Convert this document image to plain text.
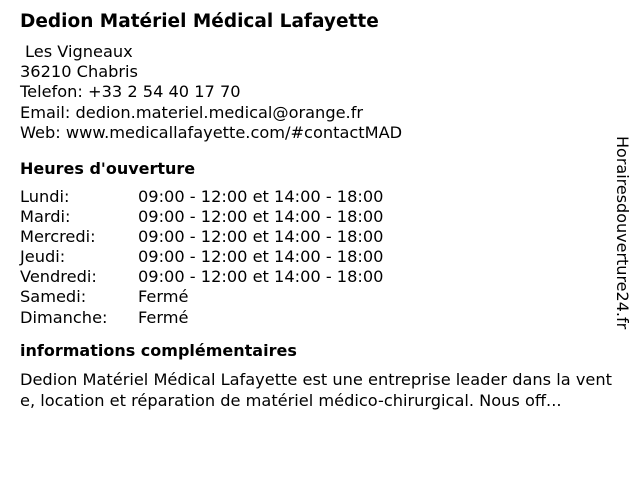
Dedion Matériel Médical Lafayette
Les Vigneaux
36210 Chabris
Telefon: +33 2 54 40 17 70
Email: dedion.materiel.medical@orange.fr
Web: www.medicallafayette.com/#contactMAD
Heures d'ouverture
Lundi:	09:00 - 12:00 et 14:00 - 18:00
Mardi:	09:00 - 12:00 et 14:00 - 18:00
Mercredi:	09:00 - 12:00 et 14:00 - 18:00
Jeudi:	09:00 - 12:00 et 14:00 - 18:00
Vendredi:	09:00 - 12:00 et 14:00 - 18:00
Samedi:	Fermé
Dimanche:	Fermé
informations complémentaires
Dedion Matériel Médical Lafayette est une entreprise leader dans la vente, location et réparation de matériel médico-chirurgical. Nous off...
Horairesdouverture24.fr
